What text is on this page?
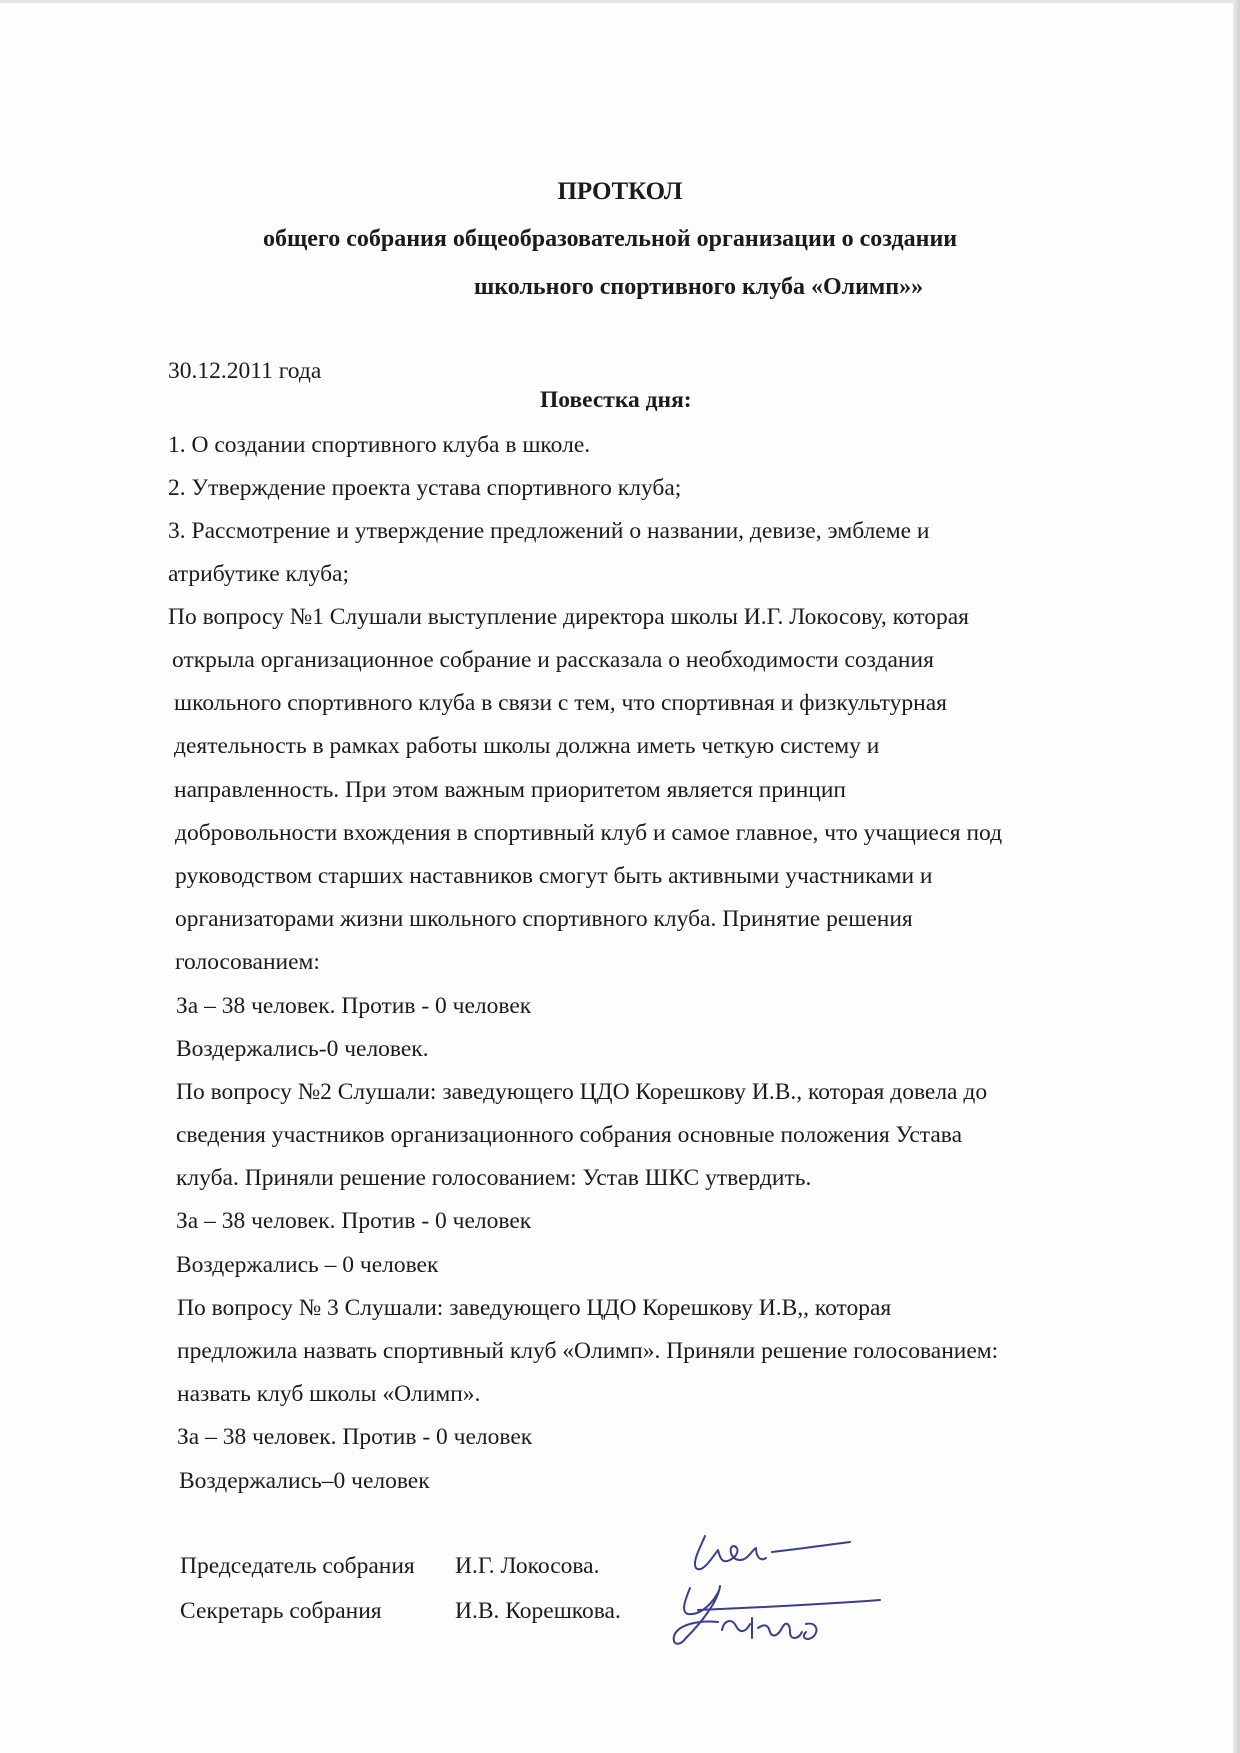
ПРОТКОЛ
общего собрания общеобразовательной организации о создании
школьного спортивного клуба «Олимп»»
30.12.2011 года
Повестка дня:
1. О создании спортивного клуба в школе.
2. Утверждение проекта устава спортивного клуба;
3. Рассмотрение и утверждение предложений о названии, девизе, эмблеме и
атрибутике клуба;
По вопросу №1 Слушали выступление директора школы И.Г. Локосову, которая
открыла организационное собрание и рассказала о необходимости создания
школьного спортивного клуба в связи с тем, что спортивная и физкультурная
деятельность в рамках работы школы должна иметь четкую систему и
направленность. При этом важным приоритетом является принцип
добровольности вхождения в спортивный клуб и самое главное, что учащиеся под
руководством старших наставников смогут быть активными участниками и
организаторами жизни школьного спортивного клуба. Принятие решения
голосованием:
За – 38 человек. Против - 0 человек
Воздержались-0 человек.
По вопросу №2 Слушали: заведующего ЦДО Корешкову И.В., которая довела до
сведения участников организационного собрания основные положения Устава
клуба. Приняли решение голосованием: Устав ШКС утвердить.
За – 38 человек. Против - 0 человек
Воздержались – 0 человек
По вопросу № 3 Слушали: заведующего ЦДО Корешкову И.В,, которая
предложила назвать спортивный клуб «Олимп». Приняли решение голосованием:
назвать клуб школы «Олимп».
За – 38 человек. Против - 0 человек
Воздержались–0 человек
Председатель собрания И.Г. Локосова.
Секретарь собрания	И.В. Корешкова.
